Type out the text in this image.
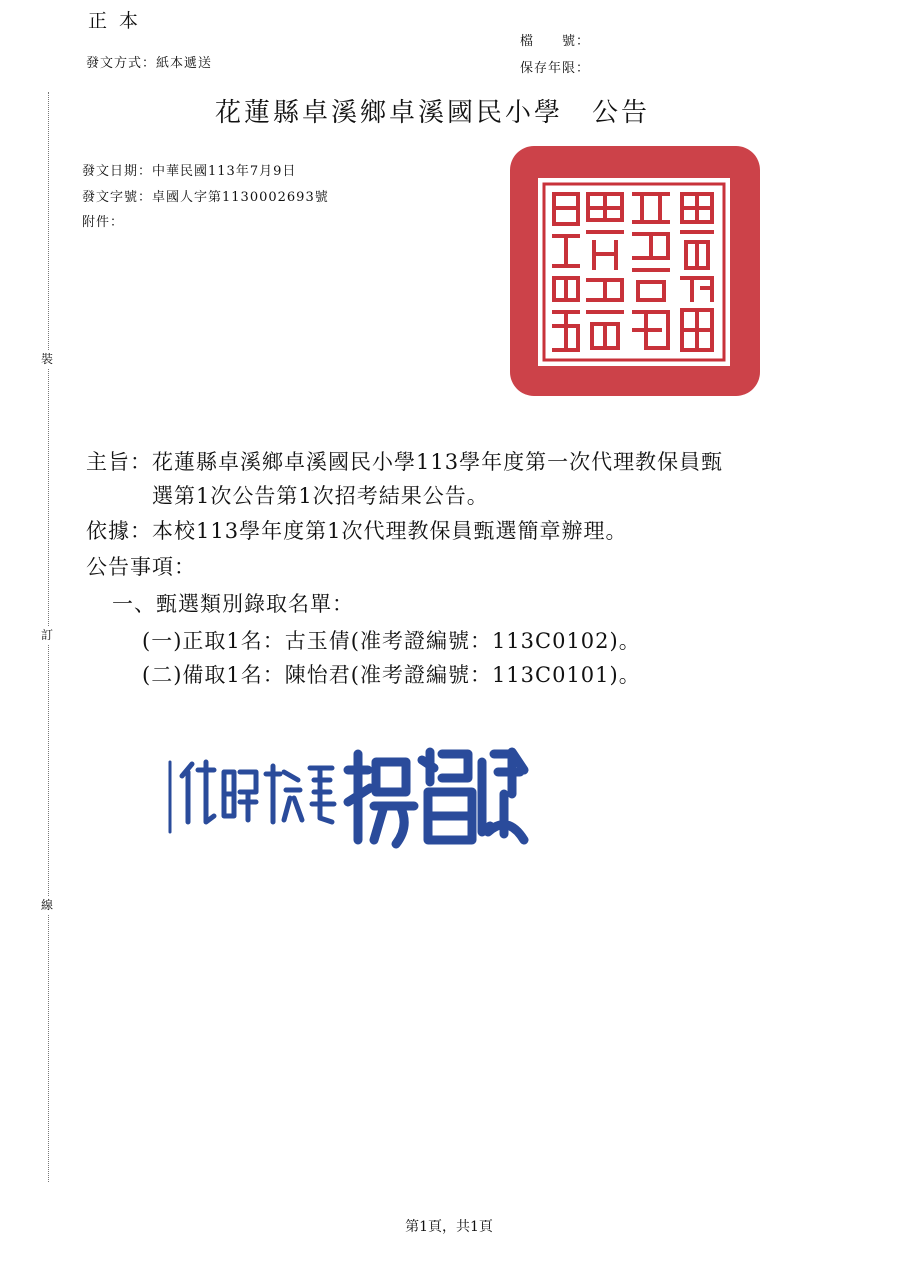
正本
發文方式：紙本遞送
檔　　號：
保存年限：
花蓮縣卓溪鄉卓溪國民小學　公告
發文日期：中華民國113年7月9日
發文字號：卓國人字第1130002693號
附件：
裝
訂
線
主旨：花蓮縣卓溪鄉卓溪國民小學113學年度第一次代理教保員甄
選第1次公告第1次招考結果公告。
依據：本校113學年度第1次代理教保員甄選簡章辦理。
公告事項：
一、甄選類別錄取名單：
(一)正取1名：古玉倩(准考證編號：113C0102)。
(二)備取1名：陳怡君(准考證編號：113C0101)。
第1頁，共1頁
